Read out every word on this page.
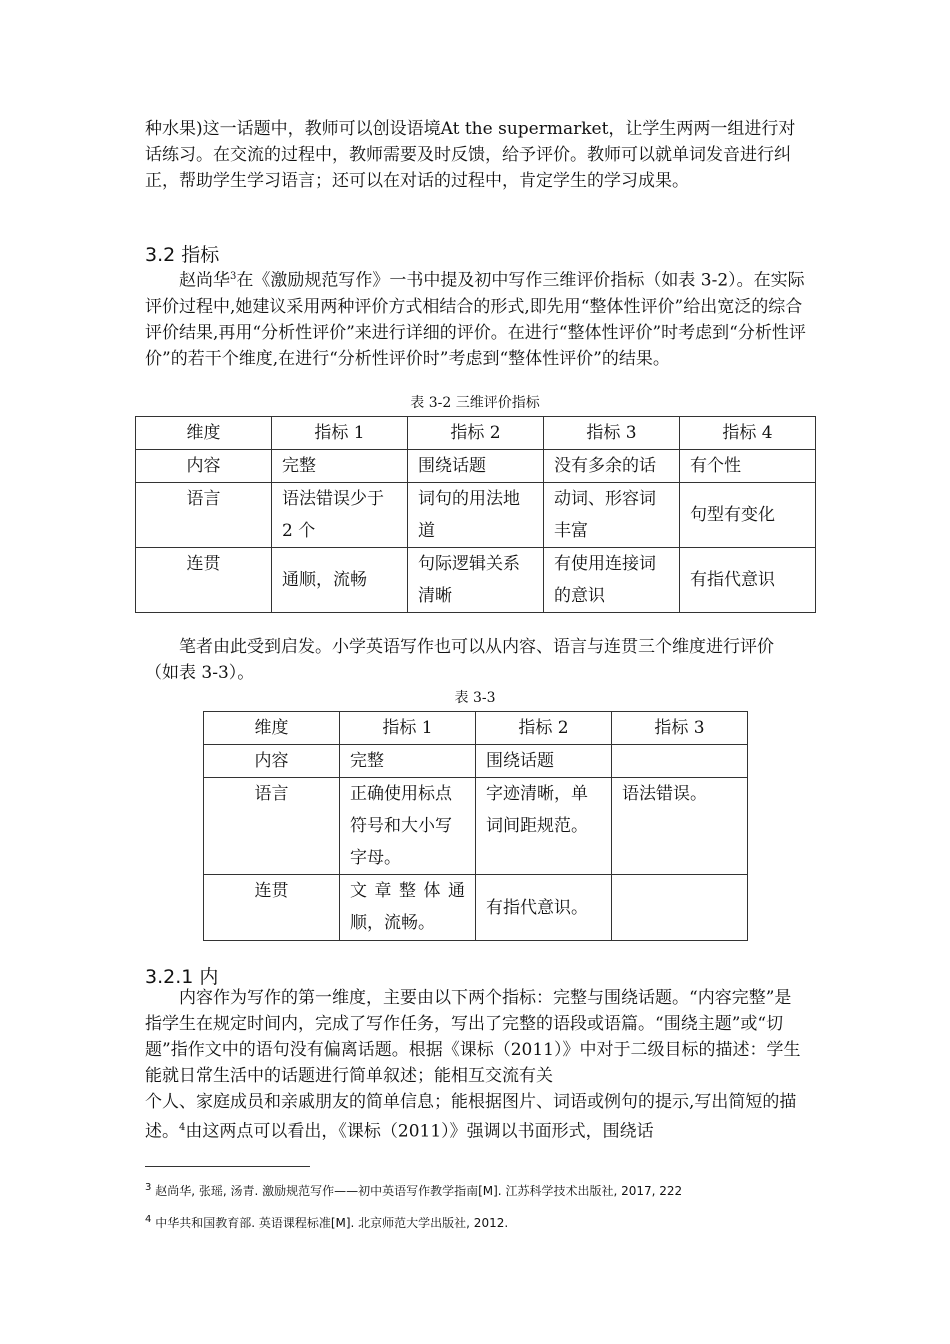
种水果)这一话题中，教师可以创设语境At the supermarket，让学生两两一组进行对话练习。在交流的过程中，教师需要及时反馈，给予评价。教师可以就单词发音进行纠正，帮助学生学习语言；还可以在对话的过程中，肯定学生的学习成果。

3.2 指标

赵尚华$^3$在《激励规范写作》一书中提及初中写作三维评价指标（如表 3-2）。在实际评价过程中,她建议采用两种评价方式相结合的形式,即先用“整体性评价”给出宽泛的综合评价结果,再用“分析性评价”来进行详细的评价。在进行“整体性评价”时考虑到“分析性评价”的若干个维度,在进行“分析性评价时”考虑到“整体性评价”的结果。

表 3-2 三维评价指标

维度	指标 1	指标 2	指标 3	指标 4
内容	完整	围绕话题	没有多余的话	有个性
语言	语法错误少于 2 个	词句的用法地道	动词、形容词丰富	句型有变化
连贯	通顺，流畅	句际逻辑关系清晰	有使用连接词的意识	有指代意识

笔者由此受到启发。小学英语写作也可以从内容、语言与连贯三个维度进行评价（如表 3-3）。

表 3-3

维度	指标 1	指标 2	指标 3
内容	完整	围绕话题	
语言	正确使用标点符号和大小写字母。	字迹清晰，单词间距规范。	语法错误。
连贯	文章整体通顺，流畅。	有指代意识。	
3.2.1 内

内容作为写作的第一维度，主要由以下两个指标：完整与围绕话题。“内容完整”是指学生在规定时间内，完成了写作任务，写出了完整的语段或语篇。“围绕主题”或“切题”指作文中的语句没有偏离话题。根据《课标（2011）》中对于二级目标的描述：学生能就日常生活中的话题进行简单叙述；能相互交流有关
个人、家庭成员和亲戚朋友的简单信息；能根据图片、词语或例句的提示,写出简短的描述。$^4$由这两点可以看出，《课标（2011）》强调以书面形式，围绕话

$^3$ 赵尚华, 张瑶, 汤青. 激励规范写作——初中英语写作教学指南[M]. 江苏科学技术出版社, 2017, 222

$^4$ 中华共和国教育部. 英语课程标准[M]. 北京师范大学出版社, 2012.
